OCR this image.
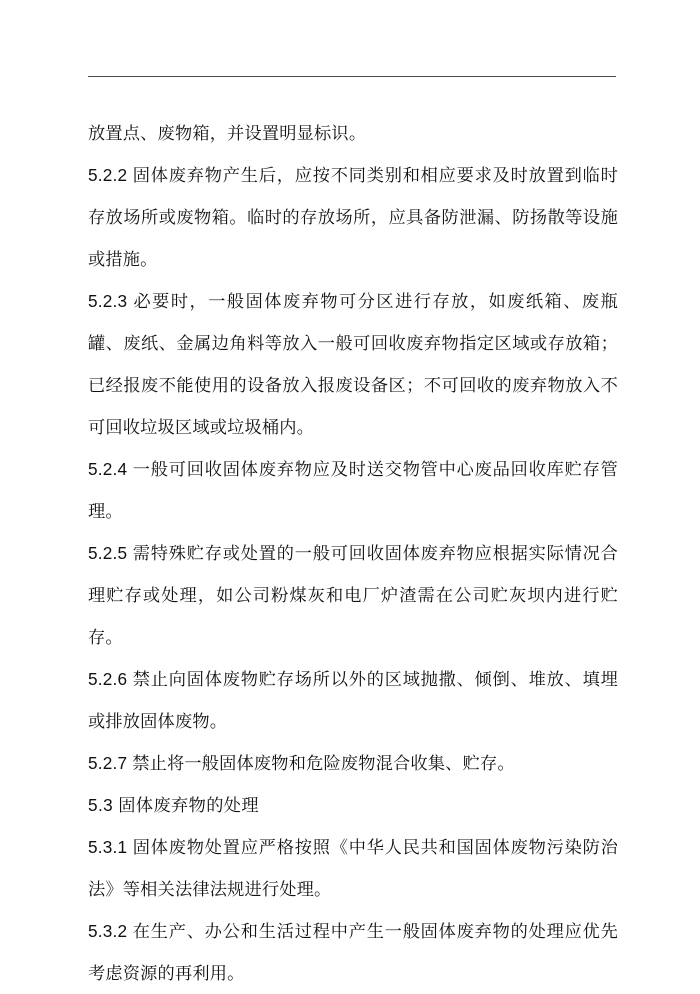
放置点、废物箱，并设置明显标识。

5.2.2 固体废弃物产生后，应按不同类别和相应要求及时放置到临时存放场所或废物箱。临时的存放场所，应具备防泄漏、防扬散等设施或措施。

5.2.3 必要时，一般固体废弃物可分区进行存放，如废纸箱、废瓶罐、废纸、金属边角料等放入一般可回收废弃物指定区域或存放箱；已经报废不能使用的设备放入报废设备区；不可回收的废弃物放入不可回收垃圾区域或垃圾桶内。

5.2.4 一般可回收固体废弃物应及时送交物管中心废品回收库贮存管理。

5.2.5 需特殊贮存或处置的一般可回收固体废弃物应根据实际情况合理贮存或处理，如公司粉煤灰和电厂炉渣需在公司贮灰坝内进行贮存。

5.2.6 禁止向固体废物贮存场所以外的区域抛撒、倾倒、堆放、填埋或排放固体废物。

5.2.7 禁止将一般固体废物和危险废物混合收集、贮存。

5.3 固体废弃物的处理

5.3.1 固体废物处置应严格按照《中华人民共和国固体废物污染防治法》等相关法律法规进行处理。

5.3.2 在生产、办公和生活过程中产生一般固体废弃物的处理应优先考虑资源的再利用。
